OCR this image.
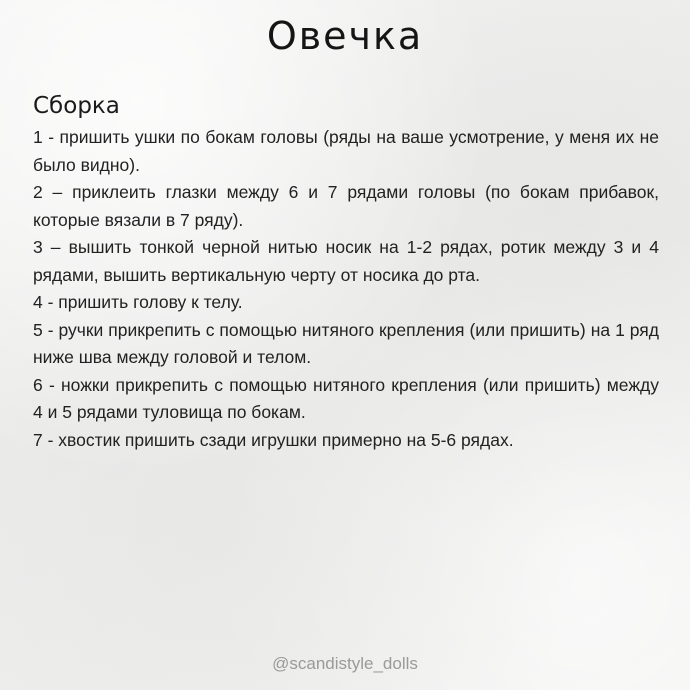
Овечка
Сборка

1 - пришить ушки по бокам головы (ряды на ваше усмотрение, у меня их не было видно).

2 – приклеить глазки между 6 и 7 рядами головы (по бокам прибавок, которые вязали в 7 ряду).

3 – вышить тонкой черной нитью носик на 1-2 рядах, ротик между 3 и 4 рядами, вышить вертикальную черту от носика до рта.

4 - пришить голову к телу.

5 - ручки прикрепить с помощью нитяного крепления (или пришить) на 1 ряд ниже шва между головой и телом.

6 - ножки прикрепить с помощью нитяного крепления (или пришить) между 4 и 5 рядами туловища по бокам.

7 - хвостик пришить сзади игрушки примерно на 5-6 рядах.

@scandistyle_dolls
